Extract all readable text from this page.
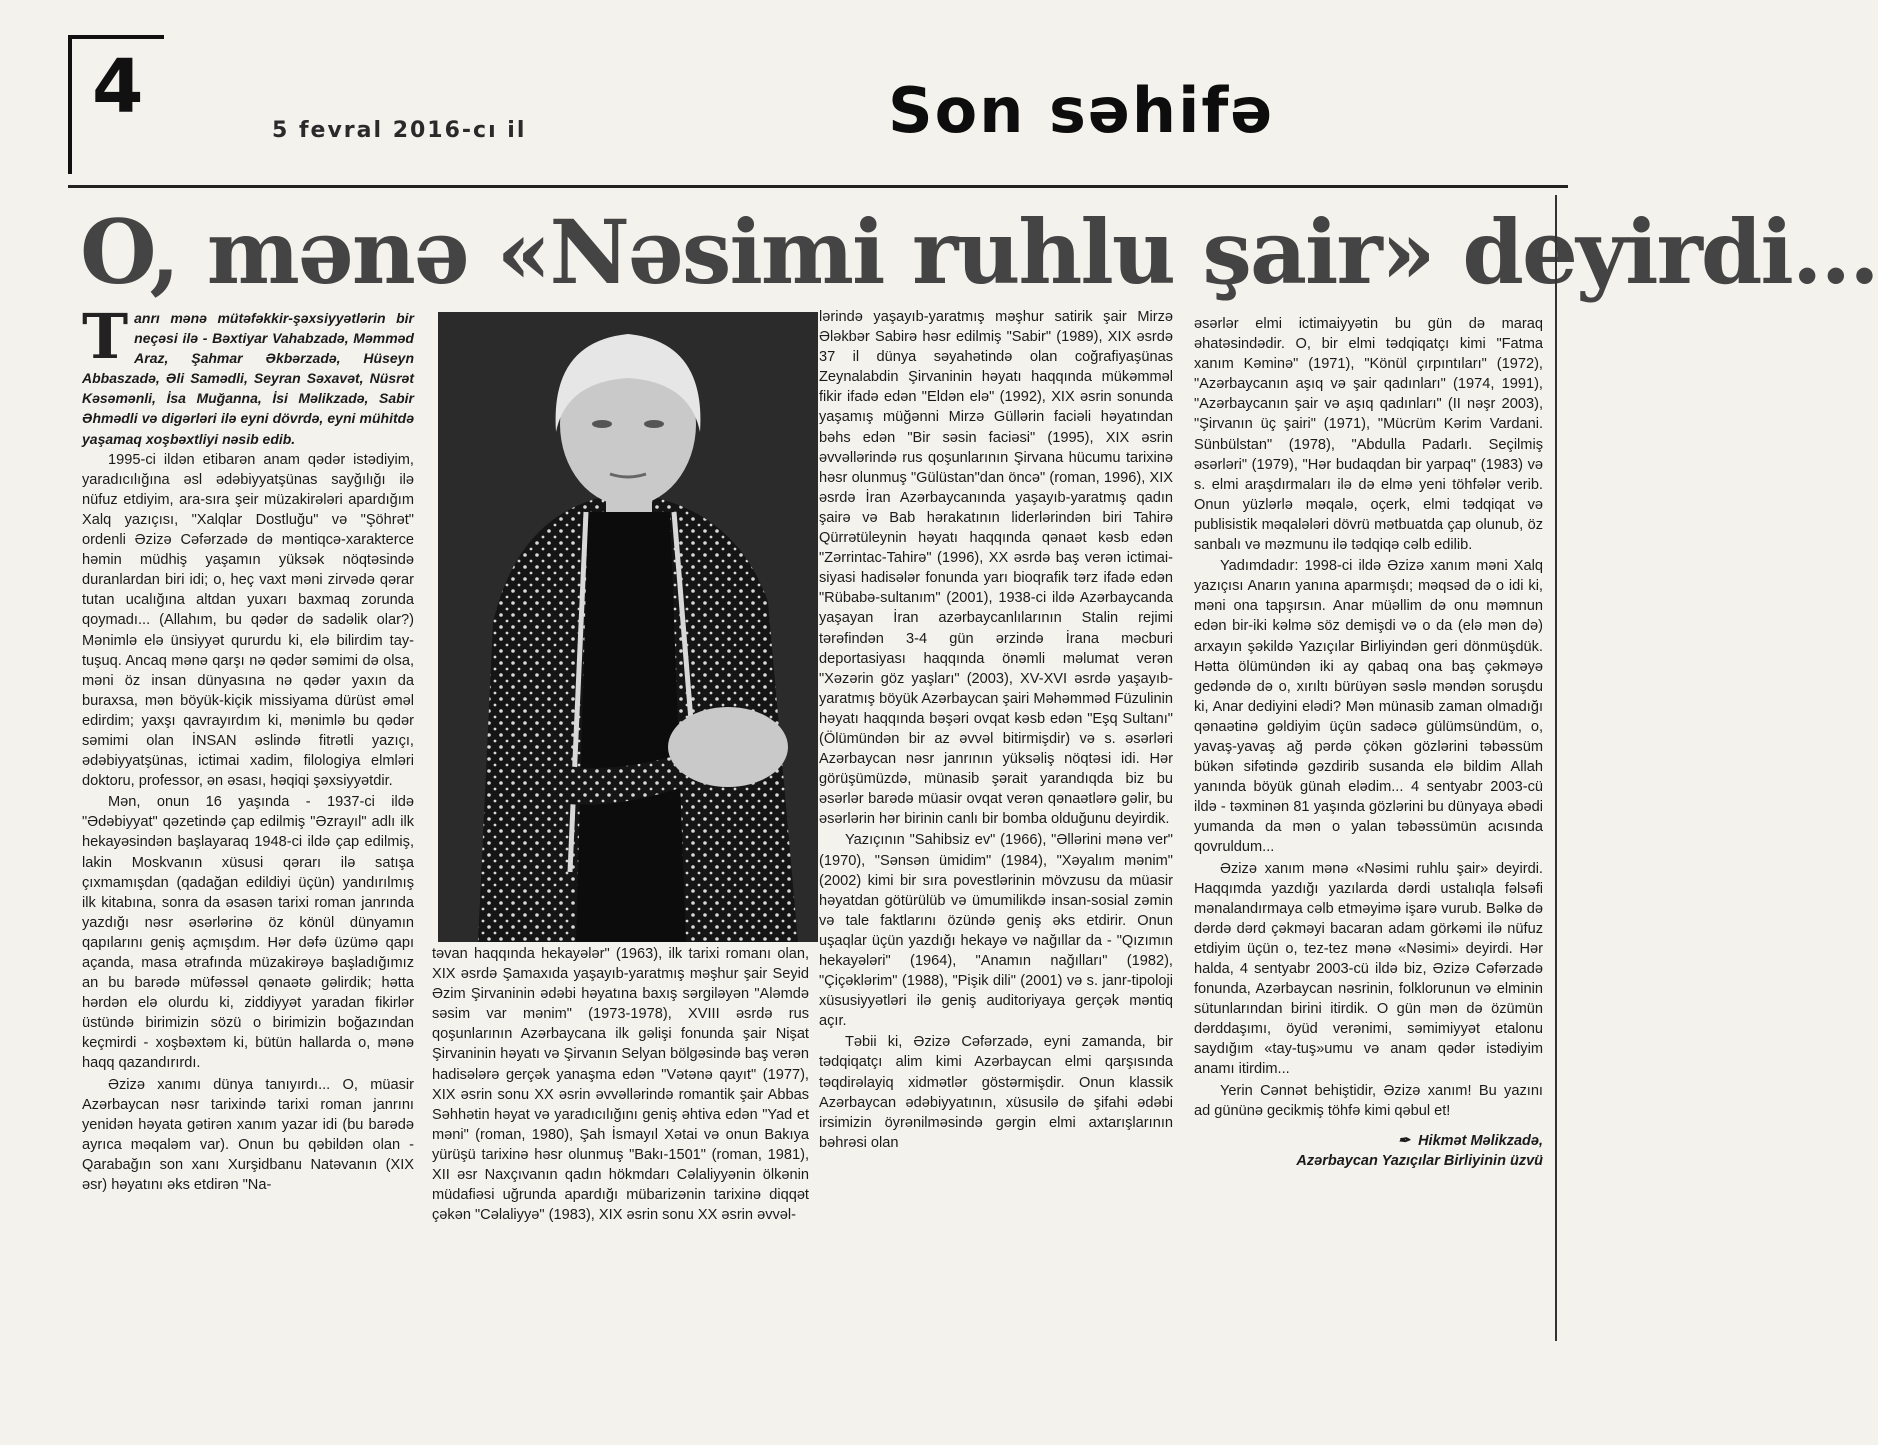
4
5 fevral 2016-cı il	Son səhifə
O, mənə «Nəsimi ruhlu şair» deyirdi...

Tanrı mənə mütəfəkkir-şəxsiyyətlərin bir neçəsi ilə - Bəxtiyar Vahabzadə, Məmməd Araz, Şahmar Əkbərzadə, Hüseyn Abbaszadə, Əli Samədli, Seyran Səxavət, Nüsrət Kəsəmənli, İsa Muğanna, İsi Məlikzadə, Sabir Əhmədli və digərləri ilə eyni dövrdə, eyni mühitdə yaşamaq xoşbəxtliyi nəsib edib.

1995-ci ildən etibarən anam qədər istədiyim, yaradıcılığına əsl ədəbiyyatşünas sayğılığı ilə nüfuz etdiyim, ara-sıra şeir müzakirələri apardığım Xalq yazıçısı, "Xalqlar Dostluğu" və "Şöhrət" ordenli Əzizə Cəfərzadə də məntiqcə-xarakterce həmin müdhiş yaşamın yüksək nöqtəsində duranlardan biri idi; o, heç vaxt məni zirvədə qərar tutan ucalığına altdan yuxarı baxmaq zorunda qoymadı... (Allahım, bu qədər də sadəlik olar?) Mənimlə elə ünsiyyət qururdu ki, elə bilirdim tay-tuşuq. Ancaq mənə qarşı nə qədər səmimi də olsa, məni öz insan dünyasına nə qədər yaxın da buraxsa, mən böyük-kiçik missiyama dürüst əməl edirdim; yaxşı qavrayırdım ki, mənimlə bu qədər səmimi olan İNSAN əslində fitrətli yazıçı, ədəbiyyatşünas, ictimai xadim, filologiya elmləri doktoru, professor, ən əsası, həqiqi şəxsiyyətdir.

Mən, onun 16 yaşında - 1937-ci ildə "Ədəbiyyat" qəzetində çap edilmiş "Əzrayıl" adlı ilk hekayəsindən başlayaraq 1948-ci ildə çap edilmiş, lakin Moskvanın xüsusi qərarı ilə satışa çıxmamışdan (qadağan edildiyi üçün) yandırılmış ilk kitabına, sonra da əsasən tarixi roman janrında yazdığı nəsr əsərlərinə öz könül dünyamın qapılarını geniş açmışdım. Hər dəfə üzümə qapı açanda, masa ətrafında müzakirəyə başladığımız an bu barədə müfəssəl qənaətə gəlirdik; hətta hərdən elə olurdu ki, ziddiyyət yaradan fikirlər üstündə birimizin sözü o birimizin boğazından keçmirdi - xoşbəxtəm ki, bütün hallarda o, mənə haqq qazandırırdı.

Əzizə xanımı dünya tanıyırdı... O, müasir Azərbaycan nəsr tarixində tarixi roman janrını yenidən həyata gətirən xanım yazar idi (bu barədə ayrıca məqaləm var). Onun bu qəbildən olan - Qarabağın son xanı Xurşidbanu Natəvanın (XIX əsr) həyatını əks etdirən "Na-

təvan haqqında hekayələr" (1963), ilk tarixi romanı olan, XIX əsrdə Şamaxıda yaşayıb-yaratmış məşhur şair Seyid Əzim Şirvaninin ədəbi həyatına baxış sərgiləyən "Aləmdə səsim var mənim" (1973-1978), XVIII əsrdə rus qoşunlarının Azərbaycana ilk gəlişi fonunda şair Nişat Şirvaninin həyatı və Şirvanın Selyan bölgəsində baş verən hadisələrə gerçək yanaşma edən "Vətənə qayıt" (1977), XIX əsrin sonu XX əsrin əvvəllərində romantik şair Abbas Səhhətin həyat və yaradıcılığını geniş əhtiva edən "Yad et məni" (roman, 1980), Şah İsmayıl Xətai və onun Bakıya yürüşü tarixinə həsr olunmuş "Bakı-1501" (roman, 1981), XII əsr Naxçıvanın qadın hökmdarı Cəlaliyyənin ölkənin müdafiəsi uğrunda apardığı mübarizənin tarixinə diqqət çəkən "Cəlaliyyə" (1983), XIX əsrin sonu XX əsrin əvvəl-

lərində yaşayıb-yaratmış məşhur satirik şair Mirzə Ələkbər Sabirə həsr edilmiş "Sabir" (1989), XIX əsrdə 37 il dünya səyahətində olan coğrafiyaşünas Zeynalabdin Şirvaninin həyatı haqqında mükəmməl fikir ifadə edən "Eldən elə" (1992), XIX əsrin sonunda yaşamış müğənni Mirzə Güllərin faciəli həyatından bəhs edən "Bir səsin faciəsi" (1995), XIX əsrin əvvəllərində rus qoşunlarının Şirvana hücumu tarixinə həsr olunmuş "Gülüstan"dan öncə" (roman, 1996), XIX əsrdə İran Azərbaycanında yaşayıb-yaratmış qadın şairə və Bab hərakatının liderlərindən biri Tahirə Qürrətüleynin həyatı haqqında qənaət kəsb edən "Zərrintac-Tahirə" (1996), XX əsrdə baş verən ictimai-siyasi hadisələr fonunda yarı bioqrafik tərz ifadə edən "Rübabə-sultanım" (2001), 1938-ci ildə Azərbaycanda yaşayan İran azərbaycanlılarının Stalin rejimi tərəfindən 3-4 gün ərzində İrana məcburi deportasiyası haqqında önəmli məlumat verən "Xəzərin göz yaşları" (2003), XV-XVI əsrdə yaşayıb-yaratmış böyük Azərbaycan şairi Məhəmməd Füzulinin həyatı haqqında bəşəri ovqat kəsb edən "Eşq Sultanı" (Ölümündən bir az əvvəl bitirmişdir) və s. əsərləri Azərbaycan nəsr janrının yüksəliş nöqtəsi idi. Hər görüşümüzdə, münasib şərait yarandıqda biz bu əsərlər barədə müasir ovqat verən qənaətlərə gəlir, bu əsərlərin hər birinin canlı bir bomba olduğunu deyirdik.

Yazıçının "Sahibsiz ev" (1966), "Əllərini mənə ver" (1970), "Sənsən ümidim" (1984), "Xəyalım mənim" (2002) kimi bir sıra povestlərinin mövzusu da müasir həyatdan götürülüb və ümumilikdə insan-sosial zəmin və tale faktlarını özündə geniş əks etdirir. Onun uşaqlar üçün yazdığı hekayə və nağıllar da - "Qızımın hekayələri" (1964), "Anamın nağılları" (1982), "Çiçəklərim" (1988), "Pişik dili" (2001) və s. janr-tipoloji xüsusiyyətləri ilə geniş auditoriyaya gerçək məntiq açır.

Təbii ki, Əzizə Cəfərzadə, eyni zamanda, bir tədqiqatçı alim kimi Azərbaycan elmi qarşısında təqdirəlayiq xidmətlər göstərmişdir. Onun klassik Azərbaycan ədəbiyyatının, xüsusilə də şifahi ədəbi irsimizin öyrənilməsində gərgin elmi axtarışlarının bəhrəsi olan

əsərlər elmi ictimaiyyətin bu gün də maraq əhatəsindədir. O, bir elmi tədqiqatçı kimi "Fatma xanım Kəminə" (1971), "Könül çırpıntıları" (1972), "Azərbaycanın aşıq və şair qadınları" (1974, 1991), "Azərbaycanın şair və aşıq qadınları" (II nəşr 2003), "Şirvanın üç şairi" (1971), "Mücrüm Kərim Vardani. Sünbülstan" (1978), "Abdulla Padarlı. Seçilmiş əsərləri" (1979), "Hər budaqdan bir yarpaq" (1983) və s. elmi araşdırmaları ilə də elmə yeni töhfələr verib. Onun yüzlərlə məqalə, oçerk, elmi tədqiqat və publisistik məqalələri dövrü mətbuatda çap olunub, öz sanbalı və məzmunu ilə tədqiqə cəlb edilib.

Yadımdadır: 1998-ci ildə Əzizə xanım məni Xalq yazıçısı Anarın yanına aparmışdı; məqsəd də o idi ki, məni ona tapşırsın. Anar müəllim də onu məmnun edən bir-iki kəlmə söz demişdi və o da (elə mən də) arxayın şəkildə Yazıçılar Birliyindən geri dönmüşdük. Hətta ölümündən iki ay qabaq ona baş çəkməyə gedəndə də o, xırıltı bürüyən səslə məndən soruşdu ki, Anar dediyini elədi? Mən münasib zaman olmadığı qənaətinə gəldiyim üçün sadəcə gülümsündüm, o, yavaş-yavaş ağ pərdə çökən gözlərini təbəssüm bükən sifətində gəzdirib susanda elə bildim Allah yanında böyük günah elədim... 4 sentyabr 2003-cü ildə - təxminən 81 yaşında gözlərini bu dünyaya əbədi yumanda da mən o yalan təbəssümün acısında qovruldum...

Əzizə xanım mənə «Nəsimi ruhlu şair» deyirdi. Haqqımda yazdığı yazılarda dərdi ustalıqla fəlsəfi mənalandırmaya cəlb etməyimə işarə vurub. Bəlkə də dərdə dərd çəkməyi bacaran adam görkəmi ilə nüfuz etdiyim üçün o, tez-tez mənə «Nəsimi» deyirdi. Hər halda, 4 sentyabr 2003-cü ildə biz, Əzizə Cəfərzadə fonunda, Azərbaycan nəsrinin, folklorunun və elminin sütunlarından birini itirdik. O gün mən də özümün dərddaşımı, öyüd verənimi, səmimiyyət etalonu saydığım «tay-tuş»umu və anam qədər istədiyim anamı itirdim...

Yerin Cənnət behiştidir, Əzizə xanım! Bu yazını ad gününə gecikmiş töhfə kimi qəbul et!

✒ Hikmət Məlikzadə,
Azərbaycan Yazıçılar Birliyinin üzvü
